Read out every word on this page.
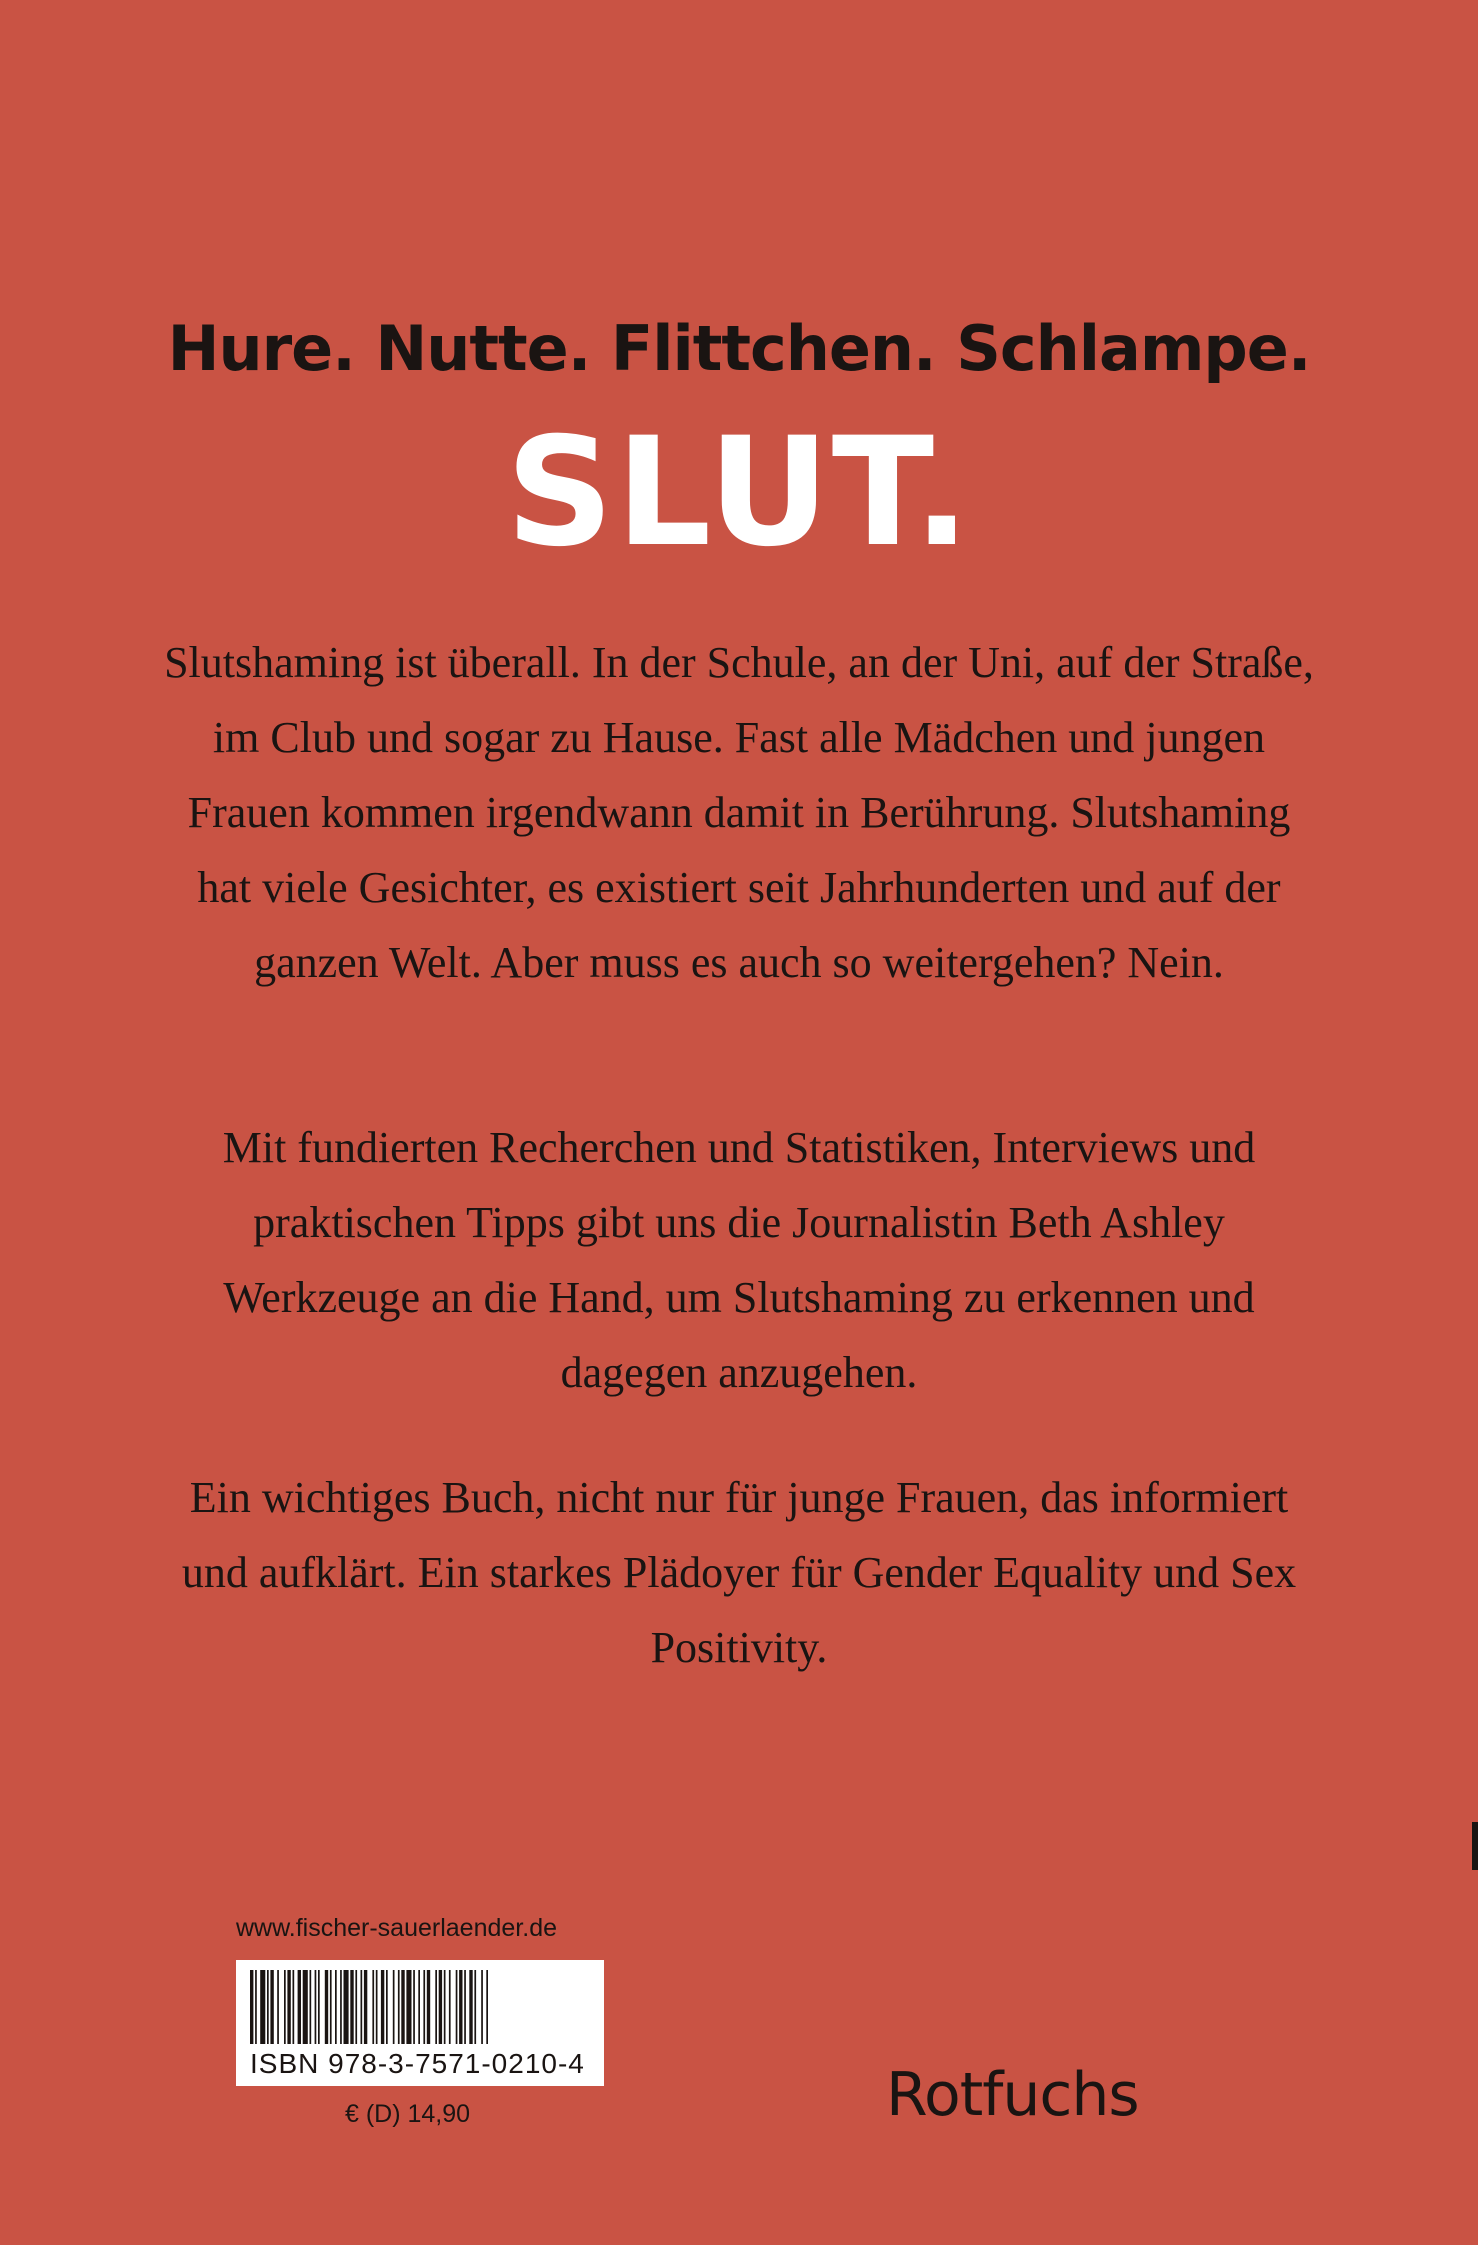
Hure. Nutte. Flittchen. Schlampe.
SLUT.

Slutshaming ist überall. In der Schule, an der Uni, auf der Straße, im Club und sogar zu Hause. Fast alle Mädchen und jungen Frauen kommen irgendwann damit in Berührung. Slutshaming hat viele Gesichter, es existiert seit Jahrhunderten und auf der ganzen Welt. Aber muss es auch so weitergehen? Nein.

Mit fundierten Recherchen und Statistiken, Interviews und praktischen Tipps gibt uns die Journalistin Beth Ashley Werkzeuge an die Hand, um Slutshaming zu erkennen und dagegen anzugehen.

Ein wichtiges Buch, nicht nur für junge Frauen, das informiert und aufklärt. Ein starkes Plädoyer für Gender Equality und Sex Positivity.

www.fischer-sauerlaender.de
ISBN 978-3-7571-0210-4
€ (D) 14,90	Rotfuchs
